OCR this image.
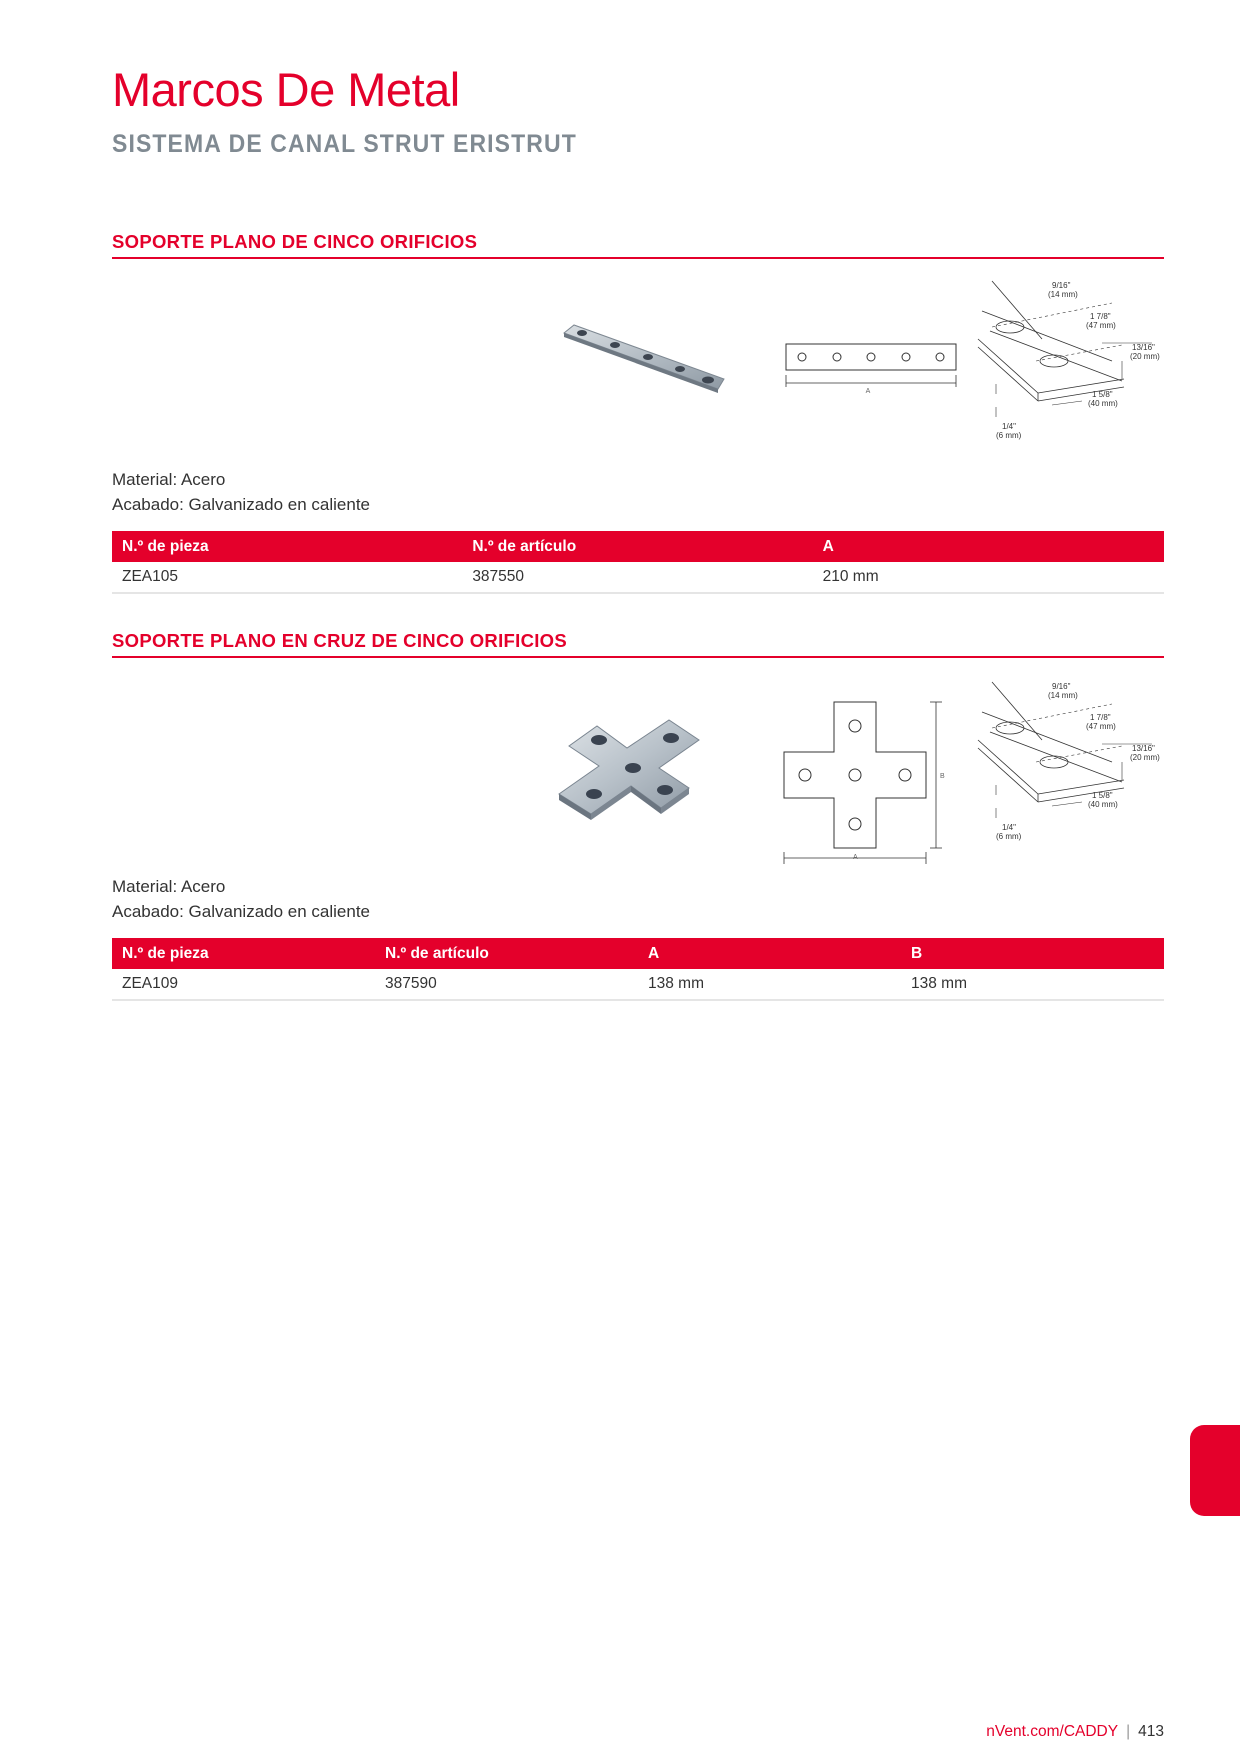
Marcos De Metal
SISTEMA DE CANAL STRUT ERISTRUT
SOPORTE PLANO DE CINCO ORIFICIOS
A
9/16"
(14 mm)
1 7/8"
(47 mm)
13/16"
(20 mm)
1 5/8"
(40 mm)
1/4"
(6 mm)

Material: Acero

Acabado: Galvanizado en caliente

N.º de pieza	N.º de artículo	A
ZEA105	387550	210 mm
SOPORTE PLANO EN CRUZ DE CINCO ORIFICIOS
B
A
9/16"
(14 mm)
1 7/8"
(47 mm)
13/16"
(20 mm)
1 5/8"
(40 mm)
1/4"
(6 mm)

Material: Acero

Acabado: Galvanizado en caliente

N.º de pieza	N.º de artículo	A	B
ZEA109	387590	138 mm	138 mm
nVent.com/CADDY | 413
